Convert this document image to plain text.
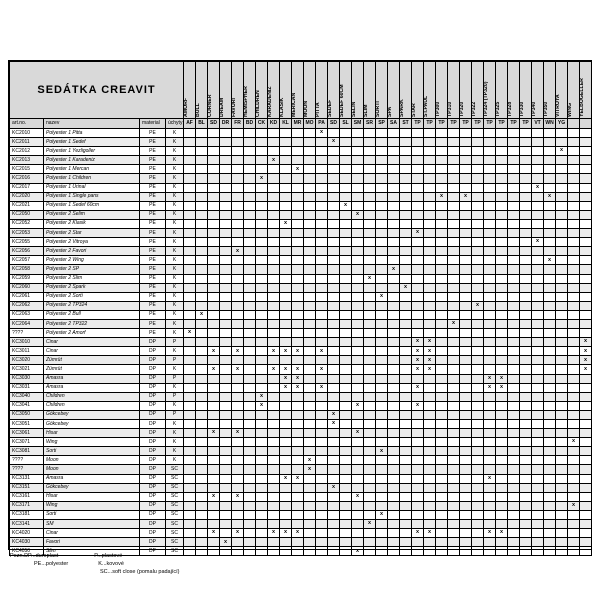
SEDÁTKA CREAVIT				AMORF	BULL	CORNER	DREAM	FAVORI	HEMISPHER	CHILDREN	KARADENIZ	KLASIK	MERICAN	MOON	PITTA	SEDEF	SEDEF 60CM	SELIN	SLIM	SORTI	SPA	SPARK	STAR	ST.PAUL	TP300	TP310	TP320	TP322	TP324 (TP320)	TP325	TP328	TP330	TP340	TP350	VITROYA	WING	YELBOGELLER

art.no.	nazev	material	úchyty	AF	BL	SD	DR	FR	BD	CK	KD	KL	MR	MO	PA	SD	SL	SM	SR	SP	SA	ST	TP	TP	TP	TP	TP	TP	TP	TP	TP	TP	VT	WN	YG		
KC2010	Polyester 1 Pitta	PE	K												x																						
KC2011	Polyester 1 Sedef	PE	K													x																					
KC2012	Polyester 1 Yezligoller	PE	K																																x		
KC2013	Polyester 1 Karadeniz	PE	K								x																										
KC2015	Polyester 1 Mercan	PE	K										x																								
KC2016	Polyester 1 Children	PE	K							x																											
KC2017	Polyester 1 Urinal	PE	K																														x				
KC2020	Polyester 1 Single pans	PE	K																						x		x							x			
KC2021	Polyester 1 Sedef 60cm	PE	K														x																				
KC2050	Polyester 2 Selim	PE	K															x																			
KC2052	Polyester 2 Klasik	PE	K									x																									
KC2053	Polyester 2 Star	PE	K																				x														
KC2055	Polyester 2 Vitroya	PE	K																														x				
KC2056	Polyester 2 Favori	PE	K					x																													
KC2057	Polyester 2 Wing	PE	K																															x			
KC2058	Polyester 2 SP	PE	K																		x																
KC2059	Polyester 2 Slim	PE	K																x																		
KC2060	Polyester 2 Spark	PE	K																			x															
KC2061	Polyester 2 Sorti	PE	K																	x																	
KC2062	Polyester 2 TP324	PE	K																									x									
KC2063	Polyester 2 Bull	PE	K		x																																
KC2064	Polyester 2 TP322	PE	K																							x											
????	Polyester 2 Amorf	PE	K	x																																	
KC3010	Cinar	DP	P																				x	x													x
KC3011	Cinar	DP	K			x		x			x	x	x		x								x	x													x
KC3020	Zümrüt	DP	P																				x	x													x
KC3021	Zümrüt	DP	K			x		x			x	x	x		x								x	x													x
KC3030	Amasra	DP	P									x	x																x	x							
KC3031	Amasra	DP	K									x	x		x								x						x	x							
KC3040	Children	DP	P							x																											
KC3041	Children	DP	K							x								x					x														
KC3050	Gökcebey	DP	P													x																					
KC3051	Gökcebey	DP	K													x																					
KC3061	Hisar	DP	K			x		x										x																			
KC3071	Wing	DP	K																																	x	
KC3081	Sorti	DP	K																	x																	
????	Moon	DP	K											x																							
????	Moon	DP	SC											x																							
KC3131	Amasra	DP	SC									x	x																x								
KC3151	Gökcebey	DP	SC													x																					
KC3161	Hisar	DP	SC			x		x										x																			
KC3171	Wing	DP	SC																																	x	
KC3181	Sorti	DP	SC																	x																	
KC3141	SM	DP	SC																x																		
KC4020	Cinar	DP	SC			x		x			x	x	x										x	x					x	x							
KC4030	Favori	DP	SC				x																														
KC4050	Slim	DP	SC															x																			
Pozn.DP...duroplast	P...plastové
PE...polyester	K...kovové
SC...soft close (pomalu padající)
